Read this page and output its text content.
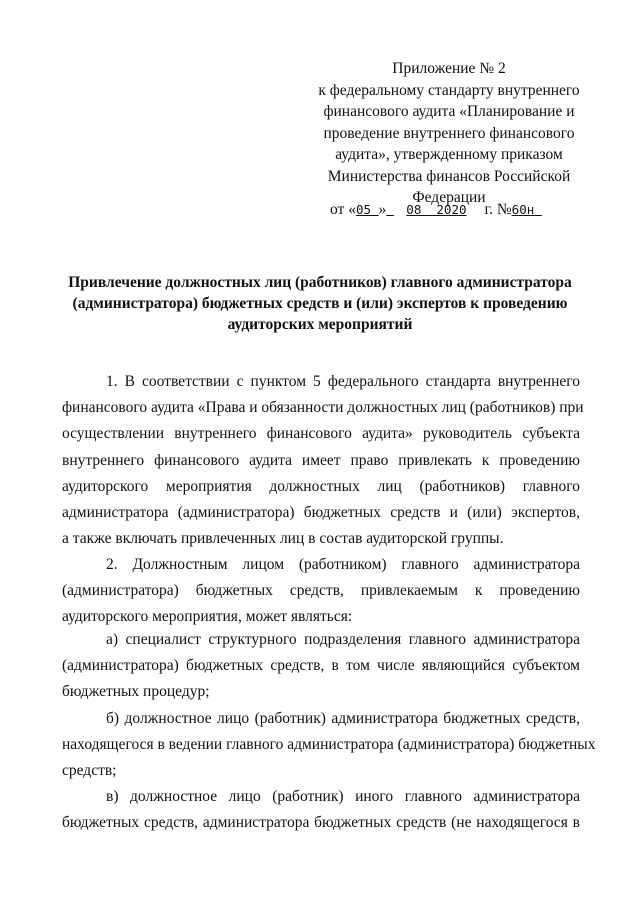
Приложение № 2
к федеральному стандарту внутреннего
финансового аудита «Планирование и
проведение внутреннего финансового
аудита», утвержденному приказом
Министерства финансов Российской
Федерации
от «05 » 08  2020 г. №60н
Привлечение должностных лиц (работников) главного администратора
(администратора) бюджетных средств и (или) экспертов к проведению
аудиторских мероприятий
1. В соответствии с пунктом 5 федерального стандарта внутреннего
финансового аудита «Права и обязанности должностных лиц (работников) при
осуществлении внутреннего финансового аудита» руководитель субъекта
внутреннего финансового аудита имеет право привлекать к проведению
аудиторского мероприятия должностных лиц (работников) главного
администратора (администратора) бюджетных средств и (или) экспертов,
а также включать привлеченных лиц в состав аудиторской группы.
2. Должностным лицом (работником) главного администратора
(администратора) бюджетных средств, привлекаемым к проведению
аудиторского мероприятия, может являться:
а) специалист структурного подразделения главного администратора
(администратора) бюджетных средств, в том числе являющийся субъектом
бюджетных процедур;
б) должностное лицо (работник) администратора бюджетных средств,
находящегося в ведении главного администратора (администратора) бюджетных
средств;
в) должностное лицо (работник) иного главного администратора
бюджетных средств, администратора бюджетных средств (не находящегося в
